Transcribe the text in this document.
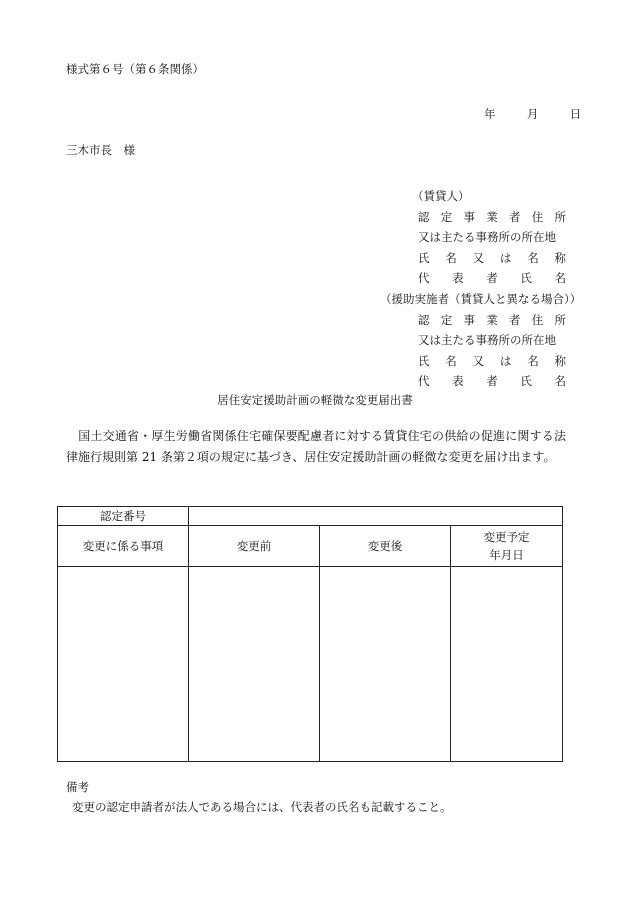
様式第６号（第６条関係）
年	月	日
三木市長　様
（賃貸人）
認 定 事 業 者 住 所
又は主たる事務所の所在地
氏 名 又 は 名 称
代 表 者 氏 名
（援助実施者（賃貸人と異なる場合））
認 定 事 業 者 住 所
又は主たる事務所の所在地
氏 名 又 は 名 称
代 表 者 氏 名
居住安定援助計画の軽微な変更届出書
　国土交通省・厚生労働省関係住宅確保要配慮者に対する賃貸住宅の供給の促進に関する法律施行規則第 21 条第２項の規定に基づき、居住安定援助計画の軽微な変更を届け出ます。
認定番号			
変更に係る事項	変更前	変更後	変更予定
年月日

備考
変更の認定申請者が法人である場合には、代表者の氏名も記載すること。
